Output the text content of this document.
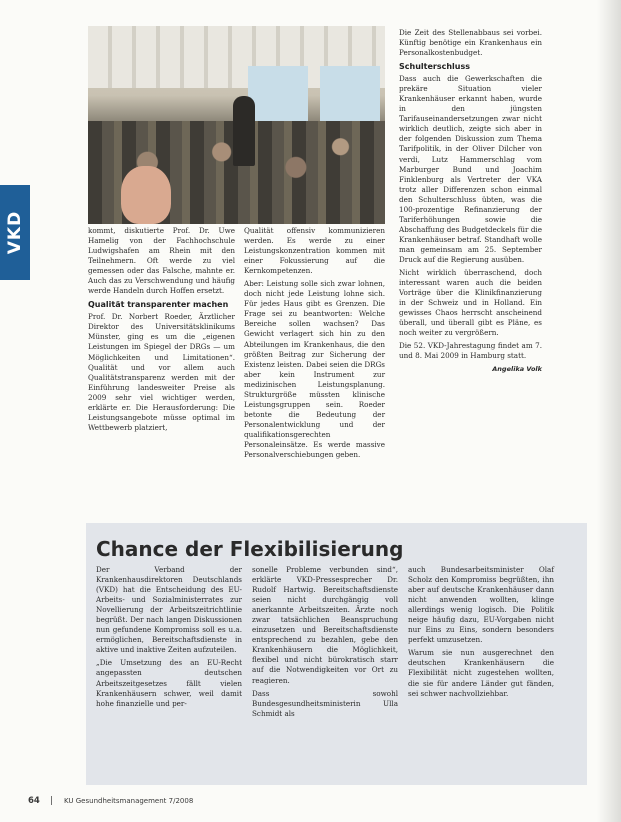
VKD	kommt, diskutierte Prof. Dr. Uwe Hamelig von der Fachhochschule Ludwigshafen am Rhein mit den Teilnehmern. Oft werde zu viel gemessen oder das Falsche, mahnte er. Auch das zu Verschwendung und häufig werde Handeln durch Hoffen ersetzt.

Qualität transparenter machen

Prof. Dr. Norbert Roeder, Ärztlicher Direktor des Universitätsklinikums Münster, ging es um die „eigenen Leistungen im Spiegel der DRGs — um Möglichkeiten und Limitationen“. Qualität und vor allem auch Qualitätstransparenz werden mit der Einführung landesweiter Preise als 2009 sehr viel wichtiger werden, erklärte er. Die Herausforderung: Die Leistungsangebote müsse optimal im Wettbewerb platziert,

Qualität offensiv kommunizieren werden. Es werde zu einer Leistungskonzentration kommen mit einer Fokussierung auf die Kernkompetenzen.

Aber: Leistung solle sich zwar lohnen, doch nicht jede Leistung lohne sich. Für jedes Haus gibt es Grenzen. Die Frage sei zu beantworten: Welche Bereiche sollen wachsen? Das Gewicht verlagert sich hin zu den Abteilungen im Krankenhaus, die den größten Beitrag zur Sicherung der Existenz leisten. Dabei seien die DRGs aber kein Instrument zur medizinischen Leistungsplanung. Strukturgröße müssten klinische Leistungsgruppen sein. Roeder betonte die Bedeutung der Personalentwicklung und der qualifikationsgerechten Personaleinsätze. Es werde massive Personalverschiebungen geben.

Die Zeit des Stellenabbaus sei vorbei. Künftig benötige ein Krankenhaus ein Personalkostenbudget.

Schulterschluss

Dass auch die Gewerkschaften die prekäre Situation vieler Krankenhäuser erkannt haben, wurde in den jüngsten Tarifauseinandersetzungen zwar nicht wirklich deutlich, zeigte sich aber in der folgenden Diskussion zum Thema Tarifpolitik, in der Oliver Dilcher von verdi, Lutz Hammerschlag vom Marburger Bund und Joachim Finklenburg als Vertreter der VKA trotz aller Differenzen schon einmal den Schulterschluss übten, was die 100-prozentige Refinanzierung der Tariferhöhungen sowie die Abschaffung des Budgetdeckels für die Krankenhäuser betraf. Standhaft wolle man gemeinsam am 25. September Druck auf die Regierung ausüben.

Nicht wirklich überraschend, doch interessant waren auch die beiden Vorträge über die Klinikfinanzierung in der Schweiz und in Holland. Ein gewisses Chaos herrscht anscheinend überall, und überall gibt es Pläne, es noch weiter zu vergrößern.

Die 52. VKD-Jahrestagung findet am 7. und 8. Mai 2009 in Hamburg statt.

Angelika Volk
Chance der Flexibilisierung

Der Verband der Krankenhausdirektoren Deutschlands (VKD) hat die Entscheidung des EU-Arbeits- und Sozialministerrates zur Novellierung der Arbeitszeitrichtlinie begrüßt. Der nach langen Diskussionen nun gefundene Kompromiss soll es u.a. ermöglichen, Bereitschaftsdienste in aktive und inaktive Zeiten aufzuteilen.

„Die Umsetzung des an EU-Recht angepassten deutschen Arbeitszeitgesetzes fällt vielen Krankenhäusern schwer, weil damit hohe finanzielle und per-

sonelle Probleme verbunden sind“, erklärte VKD-Pressesprecher Dr. Rudolf Hartwig. Bereitschaftsdienste seien nicht durchgängig voll anerkannte Arbeitszeiten. Ärzte noch zwar tatsächlichen Beanspruchung einzusetzen und Bereitschaftsdienste entsprechend zu bezahlen, gebe den Krankenhäusern die Möglichkeit, flexibel und nicht bürokratisch starr auf die Notwendigkeiten vor Ort zu reagieren.

Dass sowohl Bundesgesundheitsministerin Ulla Schmidt als

auch Bundesarbeitsminister Olaf Scholz den Kompromiss begrüßten, ihn aber auf deutsche Krankenhäuser dann nicht anwenden wollten, klinge allerdings wenig logisch. Die Politik neige häufig dazu, EU-Vorgaben nicht nur Eins zu Eins, sondern besonders perfekt umzusetzen.

Warum sie nun ausgerechnet den deutschen Krankenhäusern die Flexibilität nicht zugestehen wollten, die sie für andere Länder gut fänden, sei schwer nachvollziehbar.

64 | KU Gesundheitsmanagement 7/2008
